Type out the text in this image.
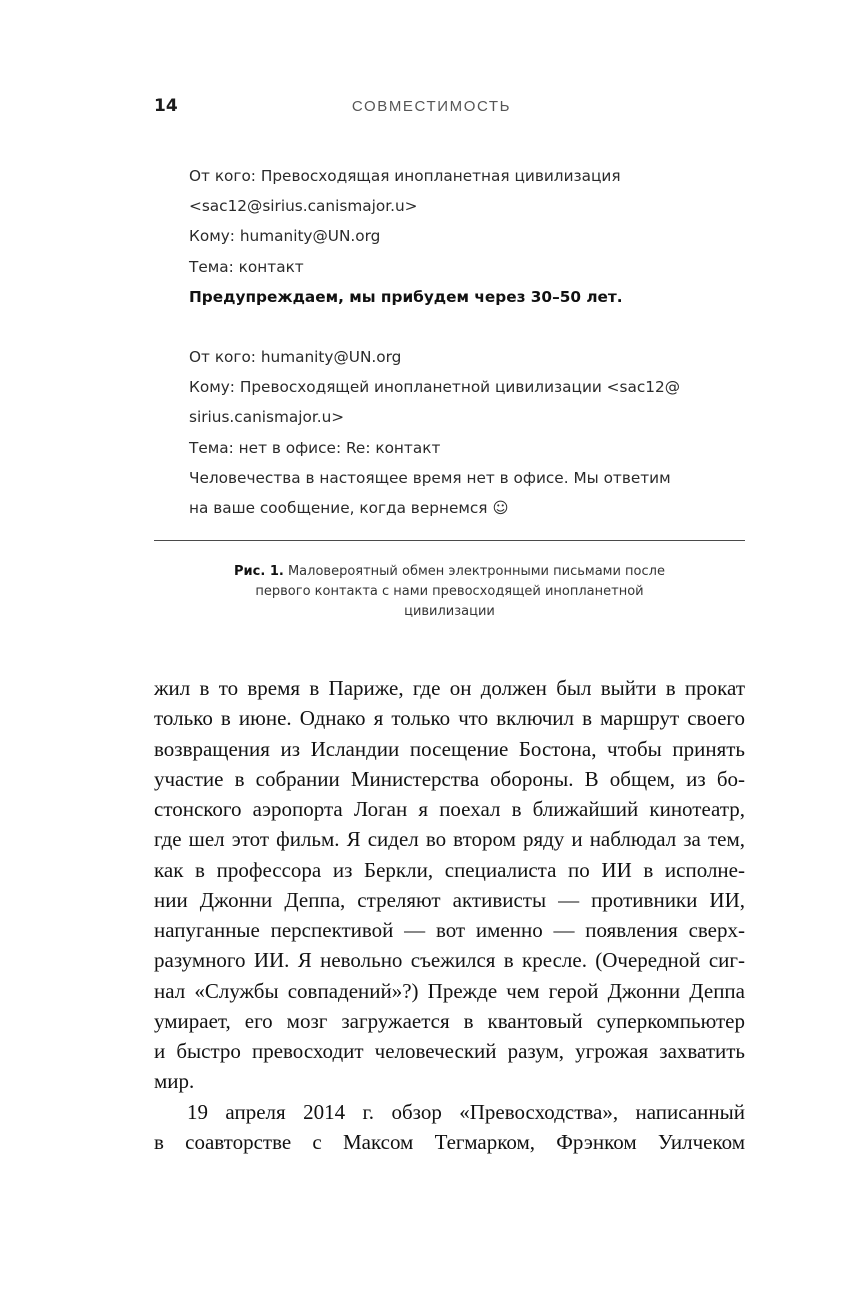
14	СОВМЕСТИМОСТЬ
От кого: Превосходящая инопланетная цивилизация
<sac12@sirius.canismajor.u>
Кому: humanity@UN.org
Тема: контакт
Предупреждаем, мы прибудем через 30–50 лет.
От кого: humanity@UN.org
Кому: Превосходящей инопланетной цивилизации <sac12@
sirius.canismajor.u>
Тема: нет в офисе: Re: контакт
Человечества в настоящее время нет в офисе. Мы ответим
на ваше сообщение, когда вернемся ☺
Рис. 1. Маловероятный обмен электронными письмами после
первого контакта с нами превосходящей инопланетной
цивилизации
жил в то время в Париже, где он должен был выйти в прокат
только в июне. Однако я только что включил в маршрут своего
возвращения из Исландии посещение Бостона, чтобы принять
участие в собрании Министерства обороны. В общем, из бо-
стонского аэропорта Логан я поехал в ближайший кинотеатр,
где шел этот фильм. Я сидел во втором ряду и наблюдал за тем,
как в профессора из Беркли, специалиста по ИИ в исполне-
нии Джонни Деппа, стреляют активисты — противники ИИ,
напуганные перспективой — вот именно — появления сверх-
разумного ИИ. Я невольно съежился в кресле. (Очередной сиг-
нал «Службы совпадений»?) Прежде чем герой Джонни Деппа
умирает, его мозг загружается в квантовый суперкомпьютер
и быстро превосходит человеческий разум, угрожая захватить
мир.
19 апреля 2014 г. обзор «Превосходства», написанный
в соавторстве с Максом Тегмарком, Фрэнком Уилчеком
